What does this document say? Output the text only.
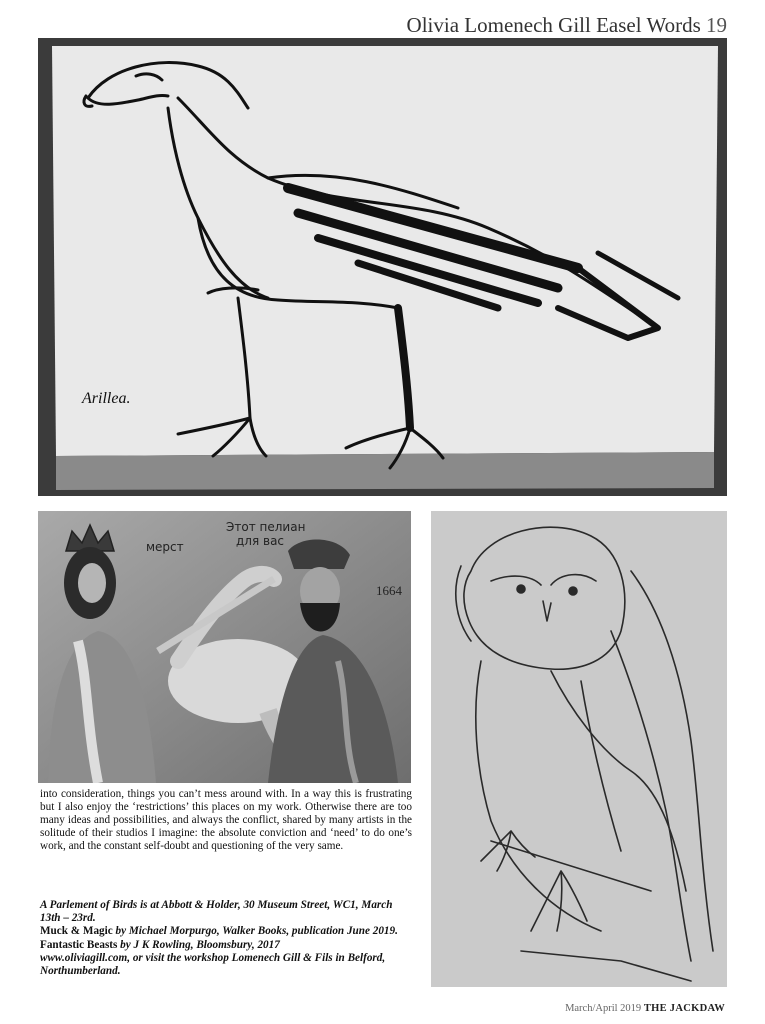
Olivia Lomenech Gill Easel Words 19
Arillea.
мерст
Этот пелиан
для вас
1664

into consideration, things you can’t mess around with. In a way this is frustrating but I also enjoy the ‘restrictions’ this places on my work. Otherwise there are too many ideas and possibilities, and always the conflict, shared by many artists in the solitude of their studios I imagine: the absolute conviction and ‘need’ to do one’s work, and the constant self-doubt and questioning of the very same.

A Parlement of Birds is at Abbott & Holder, 30 Museum Street, WC1, March 13th – 23rd.
Muck & Magic by Michael Morpurgo, Walker Books, publication June 2019.
Fantastic Beasts by J K Rowling, Bloomsbury, 2017
www.oliviagill.com, or visit the workshop Lomenech Gill & Fils in Belford, Northumberland.
March/April 2019 THE JACKDAW
